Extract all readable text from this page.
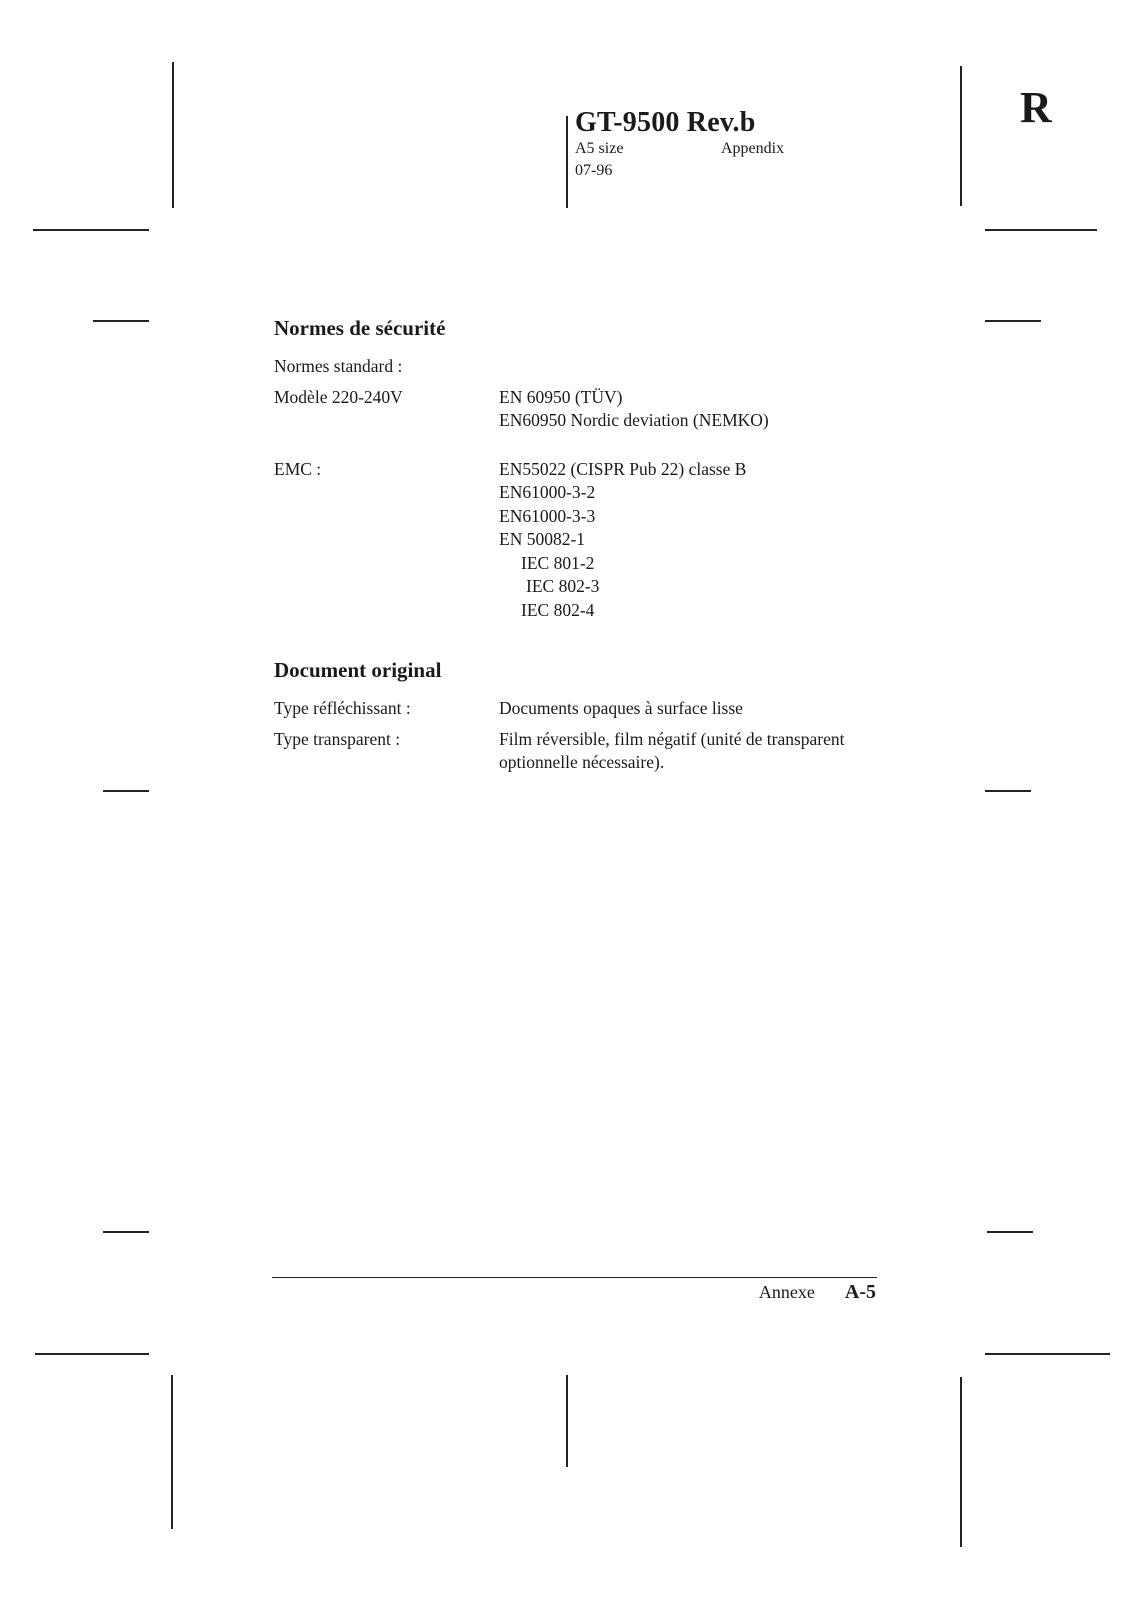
GT-9500 Rev.b
A5 size	Appendix
07-96
R
Normes de sécurité
Normes standard :
Modèle 220-240V	EN 60950 (TÜV)
EN60950 Nordic deviation (NEMKO)
EMC :	EN55022 (CISPR Pub 22) classe B
EN61000-3-2
EN61000-3-3
EN 50082-1
IEC 801-2
IEC 802-3
IEC 802-4
Document original
Type réfléchissant :	Documents opaques à surface lisse
Type transparent :	Film réversible, film négatif (unité de transparent
optionnelle nécessaire).
Annexe A-5
